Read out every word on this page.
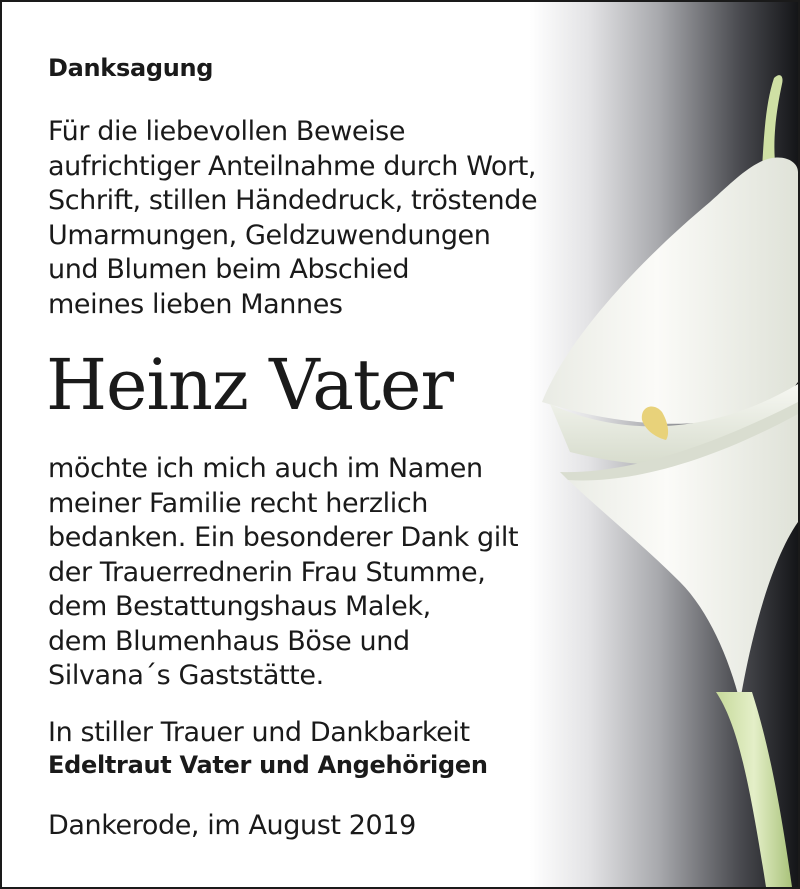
Danksagung
Für die liebevollen Beweise
aufrichtiger Anteilnahme durch Wort,
Schrift, stillen Händedruck, tröstende
Umarmungen, Geldzuwendungen
und Blumen beim Abschied
meines lieben Mannes
Heinz Vater
möchte ich mich auch im Namen
meiner Familie recht herzlich
bedanken. Ein besonderer Dank gilt
der Trauerrednerin Frau Stumme,
dem Bestattungshaus Malek,
dem Blumenhaus Böse und
Silvana´s Gaststätte.
In stiller Trauer und Dankbarkeit
Edeltraut Vater und Angehörigen
Dankerode, im August 2019
